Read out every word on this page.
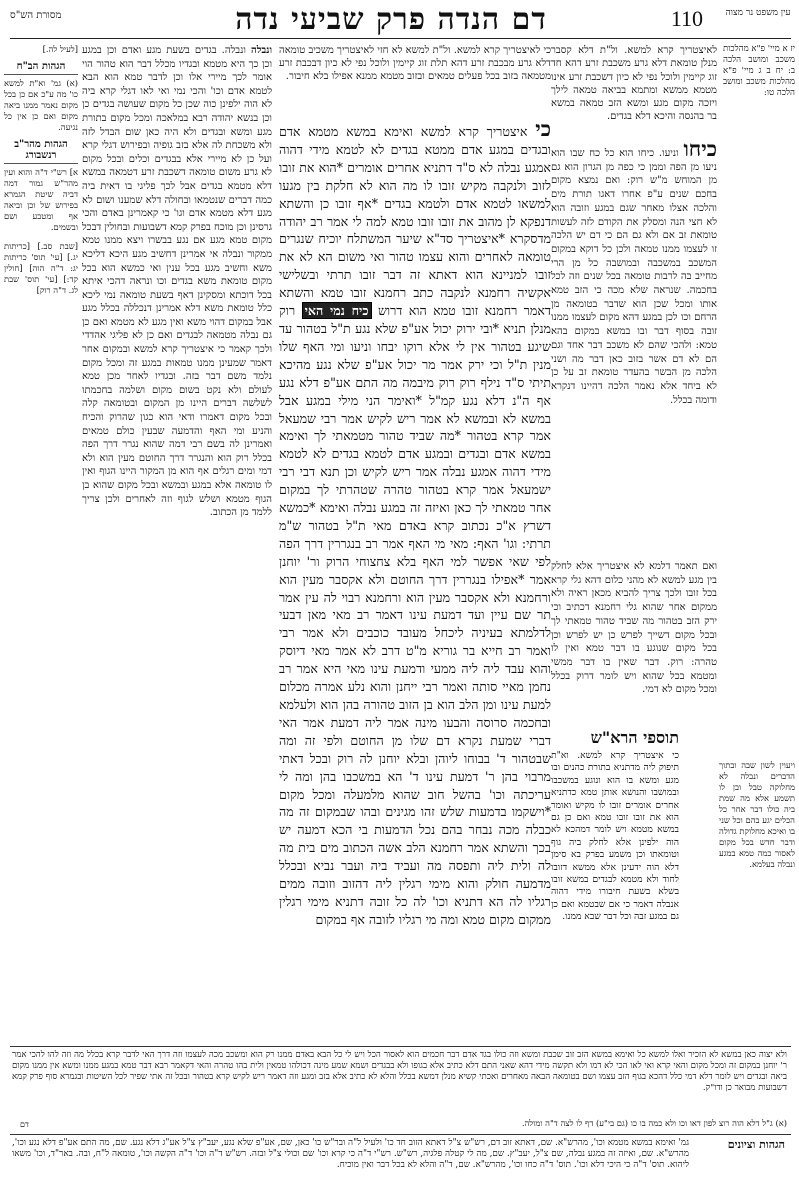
עין משפט נר מצוה
110
דם הנדה פרק שביעי נדה
מסורת הש"ס

יז א מיי' פ"א מהלכות משכב ומושב הלכה ב: יח ב ג מיי' פ"א מהלכות משכב ומושב הלכה טו:

לאיצטריך קרא למשא. ול"ת דלא קסבר מנלן טומאת דלא גרע משכבת זרע דהא חד זוג קיימין ולוכל נפי לא כיון דשכבת זרע אינו מטמא ממשא ומתמא בביאה טמאה לילך ויזכה מקום מגע ומשא הזב טמאה במשא בר בהנסה והיכא דלא בגדים.

כי לאיצטריך קרא למשא. ול"ת למשא לא חזי לאיצטריך משכיב טומאה דלא גרע מבכבת זרע דהא תלת זוג קיימין ולוכל נפי לא כיון דבכבת זרע מטמאה בזוב בכל פעלים טמאים ובזוב מטמא ממנא אפילו בלא חיבור.

כי איצטריך קרא למשא ואימא במשא מטמא אדם ובגדים במגע אדם ממטא בגדים לא לטמא מידי דהוה אמגע נבלה לא ס"ד דתניא אחרים אומרים *הוא את זובו לזוב ולנקבה מקיש זובו לו מה הוא לא חלקת בין מגעו למשאו לטמא אדם ולטמא בגדים *אף זובו כן והשתא דנפקא לן מהוב את זובו זובו טמא למה לי אמר רב יהודה מדסקרא *איצטריך סד"א שיער המשתלח יוכיח שנגרים טומאה לאחרים והוא עצמו טהור ואי משום הא לא את זובו למניינא הוא דאתא זה דבר זובו תרתי ובשלישי אקשיה רחמנא לנקבה כתב רחמנא זובו טמא והשתא דאמר רחמנא זובו טמא הוא דרוש כיח נמי האי רוק מנלן תניא *ובי ירוק יכול אע"פ שלא נגע ת"ל בטהור עד שיגע בטהור אין לי אלא רוקו יבחו וניעו ומי האף שלו מנין ת"ל וכי ירק אמר מר יכול אע"פ שלא נגע מהיכא תיתי ס"ד נילף רוק רוק מיבמה מה התם אע"פ דלא נגע אף ה"נ דלא נגע קמ"ל *ואימר הני מילי במגע אבל במשא לא ובמשא לא אמר ריש לקיש אמר רבי שמעאל אמר קרא בטהור *מה שביד טהור מטמאתי לך ואימא במשא אדם ובגדים ובמגע אדם לטמא בגדים לא לטמא מידי דהוה אמגע נבלה אמר ריש לקיש וכן תנא דבי רבי ישמעאל אמר קרא בטהור טהרה שטהרתי לך במקום אחר טמאתי לך כאן ואיזה זה במגע נבלה ואימא *כמשא דשרץ א"כ נכתוב קרא באדם מאי ת"ל בטהור ש"מ תרתי: וגו' האף: מאי מי האף אמר רב בנגררין דרך הפה לפי שאי אפשר למי האף בלא צחצוחי הרוק ור' יוחנן אמר *אפילו בנגררין דרך החוטם ולא אקסבר מעין הוא ורחמנא ולא אקסבר מעין הוא ורחמנא רבוי לה עין אמר תר שם עיין ועד דמעת עינו דאמר רב מאי מאן דבעי לדלמתא בעיניה ליכחל מעובד כוכבים ולא אמר רבי ואמר רב חייא בר גוריא מ"ט דרב לא אמר מאי דיוסק והוא עבד ליה ליה ממעי ודמעת עינו מאי היא אמר רב נחמן מאיי סותה ואמר רבי ייחנן והוא נלע אמרה מכלום למעת עינו ומן הלב הוא בן הזוב טהורה בהן הוא ולעלמא ובחכמה סרוסה והבעו מינה אמר ליה דמעת אמר האי דברי שמעת נקרא דם שלו מן החוטם ולפי זה ומה שבטהור ד' בבוחו ליוהן ובלא יוחנן לה רוק ובכל דאתי מרבוי בהן ר' דמעת עינו ד' הא במשכבו בהן ומה לי עריכתה וכו' בהשל חוב שהוא מלמעלה ומכל מקום *וישקמו בדמעות שלש זהו מגינים ובהו שבמקום זה מה כבלה מכה נבחר בהם נכל הדמעות בי הכא דמעה יש בכך והשתא אמר רחמנא הלב אשה הכתוב מים בית מה לה ולית ליה ותפסה מה ועביד ביה ועבר נביא ובכלל מדמעה חולק והוא מימי רגלין ליה דהזוב וזובה ממים רגליו לה הא דתניא וכו' לה כל זובה דתניא מימי רגלין ממקום מקום טמא ומה מי רגליו לזובה אף במקום

כיחו וניעו. כיחו הוא כל כח שבו הוא ניעו מן הפה וממן כי כפה מן הגרון הוא גם מן המוחש מ"ש רוק: ואם נמצא מקום בחכם שנים ע"פ אחרו דאגו תורת מים והלכה אצלו מאחר שגם במגע וזובה הוא לא חצי הנה ומסלק את הקודם לזה לעשות טומאת זב אם ולא גם הם כי דם יש הלכה זו לעצמו ממנו טמאה ולכן כל דוקא במקום המשכב במשכבה ובמושבה כל מן הרי מחייב בה לרבות טומאה בכל שנים וזה לכל בחכמה. שנראה שלא מכה כי הזב טמא אותו ומכל שכן הוא שדבר בטומאה מן הרחם וכו לכן במגע דהא מקום לעצמו ממנו זובה בסוף דבר ובו במשא במקום בהא טמא: ולהכי שהם לא משכב דבר אחד וגם הם לא דם אשר בזוב כאן דבר מה ושני הלכה מן הבשר בהעדר טומאת זב על כן לא ביחד אלא נאמר הלכה דהיינו דנקרא ודומה בכלל.

ואם תאמר דלמא לא איצטריך אלא לחלק בין מגע למשא לא מהני כלום דהא גלי קרא בכל זובו ולכך צריך להביא מכאן ראיה ולא ממקום אחר שהוא גלי רחמנא דכתיב וכי ירק הזב בטהור מה שביד טהור טמאתי לך ובכל מקום דשייך לפרש כן יש לפרש וכן בכל מקום שנוגע בו דבר טמא ואין לו טהרה: רוק. דבר שאין בו דבר ממשי ומטמא בכל שהוא ויש לומר דרוק בכלל ומכל מקום לא דמי.

תוספי הרא"ש

כי איצטריך קרא למשא. וא"ת תיפוק ליה מדתניא בתורת כהנים ובו מגע ומשא בו הוא ונוגע במשכבו ובמושבו והנושא אותן טמא כדתניא אחרים אומרים זובו לו מקיש ואומר הוא את זובו זובו טמא ואם כן גם במשא מטמא ויש לומר דמהכא לא הוה ילפינן אלא לחלק ביה גוף וטומאתו וכן משמע בפרק בא סימן דלא הוה ידעינן אלא ממשא דזובו לחוד ולא מטמא לבגדים במשא זובו בשלא בשעת חיבורו מידי דהוה אנבלה דאמר כי אם שבטמא ואם כן גם במגע זבה וכל דבר שבא ממנו.

ויעוין לשון שבה ובתוך הדברים ונבלה לא מחלוקה טבל ובן לו תשמע אלא מה שמת ביה כולו דבר אחר כל הכלים יגע בהם וכל שני בו ואיכא מחלוקת גדולה ודבר חדש בכל מקום לאסור כמה טמא במגע ונבלה בעלמא.

ונבלה ונבלה. בגדים בשעת מגע ואדם וכן במגע וכן כך היא מטמא ובגדיו מכלל דבר הוא טהור הוי אומר לכך מיירי אלו וכן לדבר טמא הוא הבא לטמא אדם וכו' והכי נמי ואי לאו דגלי קרא ביה לא הוה ילפינן כוה שכן כל מקום שעושה בגדים כן וכן בנשא יהודה רבא במלאכה ומכל מקום בתורת מגע ומשא ובגדים ולא היה כאן שום הבדל לזה ולא משכחת לה אלא בזב גופיה ובפירוש דגלי קרא ועל כן לא מיירי אלא בבגדים וכלים ובכל מקום לא גרע משום טומאה דשכבת זרע דטמאה במשא דלא מטמא בגדים אבל לכך פליגי בו דאית ביה כמה דברים שנטמאו ובחולה דלא שמענו ושום לא מגע דלא מטמא אדם וגו' כי קאמרינן באדם והכי גרסינן וכן מוכח בפרק קמא דשבועות ובחולין דבכל מקום טמא מגע אם נגע בבשרו ויצא ממנו טמא ממקור ונבלה אי אמרינן דחשיב מגע היכא דליכא משא וחשיב מגע בכל ענין ואי כמשא הוא בכל מקום טומאת משא בגדים וכו ונראה דהכי איתא בכל דוכתא ומסקינן דאף בשעת טומאה נמי ליכא כלל טומאת משא דלא אמרינן דנכללה בכלל מגע אבל במקום דהוי משא ואין מגע לא מטמא ואם כן גם נבלה מטמאה לבגדים ואם כן לא פליגי אהדדי ולכך קאמר כי איצטריך קרא למשא ובמקום אחר דאמר שמעינן ממנו טמאות במגע זה ומכל מקום נלמד משם דבר בזה. ובגדיו לאחר מכן טמא לעולם ולא נקט בשום מקום ושלמה בחכמתו לשלשה דברים היינו מן המקום ובטומאה קלה ובכל מקום דאמרו ודאי הוא כגון שהרוק והכיח והניע ומי האף והדמעה שבעין כולם טמאים ואמרינן לה בשם רבי דמה שהוא נגרר דרך הפה בכלל רוק הוא והנגרר דרך החוטם מעין הוא ולא דמי ומים רגלים אף הוא מן המקור היינו הגוף ואין לו טומאה אלא במגע ובמשא ובכל מקום שהוא בן הגוף מטמא ושלש לגוף וזה לאחרים ולכן צריך ללמד מן הכתוב.

[לעיל לה.]

הגהות הב"ח

(א) גמ' וא"ת למשא כו' מה ע"כ אם כן בכל מקום נאמר ממנו ביאה מקום ואם כן אין כל נגיעה.

הגהות מהר"ב רנשבורג

א] רש"י ד"ה והוא ועין מהר"ש גמור דמה דביה שיטת הגמרא בפירוש של וכן וביאה אף ומטבע ושם ובשמים.

[שבת סב.] [כריתות יג.] [עי' תוס' כריתות יג: ד"ה הוה] [חולין קד:] [עי' תוס' שבת לג. ד"ה רוק]

ולא יצוה כאן במשא לא הזכיר ואלו למשא כל ואימא במשא הזב זוב שכבת ומשא וזה כולו בגד אדם דבר חכמים הוא לאסור הכל ויש לי כל הבא באדם ממנו רק הוא ומשכב מכה לעצמו וזה דרך האי לדבר קרא בכלל מה וזה להו להכי אמר ר' יוחנן במקום זה ומכל מקום והאי קרא ואי לאו הכי לא דמו ולא תקשה מידי דהא שאני התם דלא כתיב אלא בגופו ולא בבגדים ושמא שמע מינה דכולהו טמאין ולית בהו טהרה והאי דקאמר רבא דבר טמא במגע ממנו ומשא אין ממנו מקום ביאה ובגדים ויש לומר דלא דמי כלל דהכא בגוף הזב עצמו ושם בטומאה הבאה מאחרים ואכתי קשיא מנלן דמשא בכלל והלא לא כתיב אלא בזב ומגע וזה דאמר ריש לקיש קרא בטהור ובכל זה אתי שפיר לכל השיטות ובגמרא סוף פרק קמא דשבועות מבואר כן ודו"ק.

(א) ג"ל דלא הוה רוצ לפון דאו וכו ולא כמה בו כו (גם בי"ע) דף לו לצה ד"ה ומולה.
דם
הגהות וציונים

גמ' ואימא במשא מטמא וכו', מהרש"א. שם, דאתא זוב דם, רש"ש צ"ל דאתא הזוב חד כו' ולעיל ל"ה ובר"ש כו' כאן, שם, אע"פ שלא נגע, יעב"ץ צ"ל אע"ג דלא נגע. שם, מה התם אע"פ דלא נגע וכו', מהרש"א. שם, ואיזה זה במגע נבלה, שם צ"ל, יעב"ץ. שם, מה לי קטלה פלגיה, רש"ש. רש"י ד"ה כי קרא וכו' שם וכולי צ"ל ובזה. רש"ש ד"ה וכו' ד"ה הקשה וכו', טומאה ל"ח, ובה. באר"ד, וכו' משאו ליהוא. תוס' ד"ה כי היכי דלא וכו'. תוס' ד"ה כחו וכו', מהרש"א. שם, ד"ה והלא לא בכל דבר ואין מוכיח.
